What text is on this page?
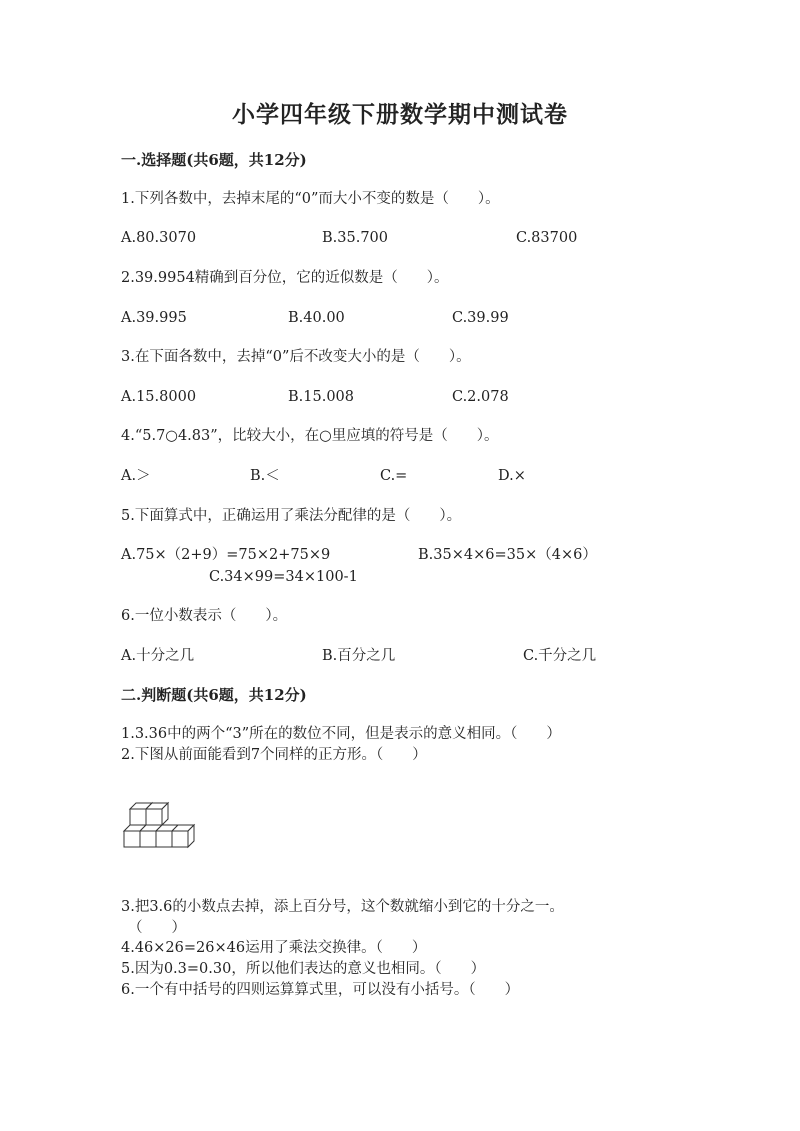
小学四年级下册数学期中测试卷
一.选择题(共6题，共12分)
1.下列各数中，去掉末尾的“0”而大小不变的数是（　　）。
A.80.3070	B.35.700	C.83700
2.39.9954精确到百分位，它的近似数是（　　）。
A.39.995	B.40.00	C.39.99
3.在下面各数中，去掉“0”后不改变大小的是（　　）。
A.15.8000	B.15.008	C.2.078
4.“5.7○4.83”，比较大小，在○里应填的符号是（　　）。
A.＞	B.＜	C.=	D.×
5.下面算式中，正确运用了乘法分配律的是（　　）。
A.75×（2+9）=75×2+75×9	B.35×4×6=35×（4×6）
C.34×99=34×100-1
6.一位小数表示（　　）。
A.十分之几	B.百分之几	C.千分之几
二.判断题(共6题，共12分)
1.3.36中的两个“3”所在的数位不同，但是表示的意义相同。（　　）
2.下图从前面能看到7个同样的正方形。（　　）
3.把3.6的小数点去掉，添上百分号，这个数就缩小到它的十分之一。
（　　）
4.46×26=26×46运用了乘法交换律。（　　）
5.因为0.3=0.30，所以他们表达的意义也相同。（　　）
6.一个有中括号的四则运算算式里，可以没有小括号。（　　）
